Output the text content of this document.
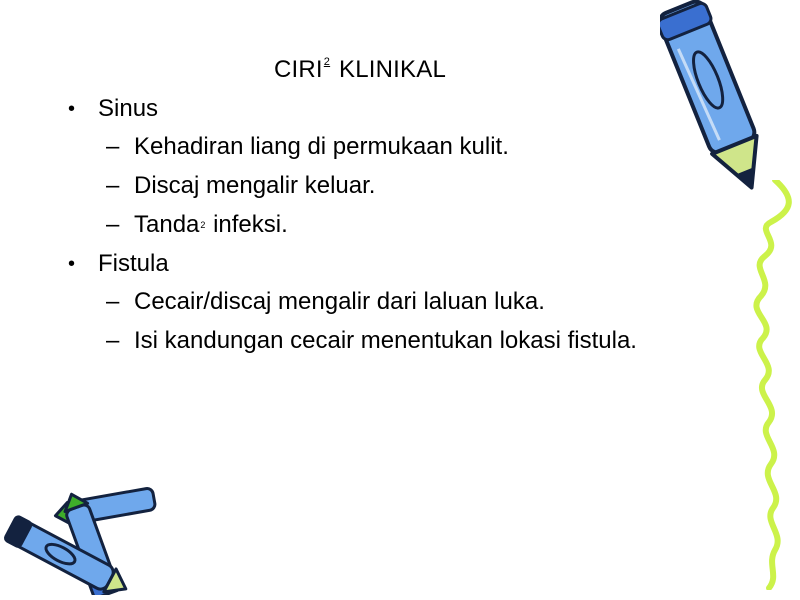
CIRI$^2$ KLINIKAL
• Sinus
– Kehadiran liang di permukaan kulit.
– Discaj mengalir keluar.
– Tanda$^2$ infeksi.
• Fistula
– Cecair/discaj mengalir dari laluan luka.
– Isi kandungan cecair menentukan lokasi fistula.
